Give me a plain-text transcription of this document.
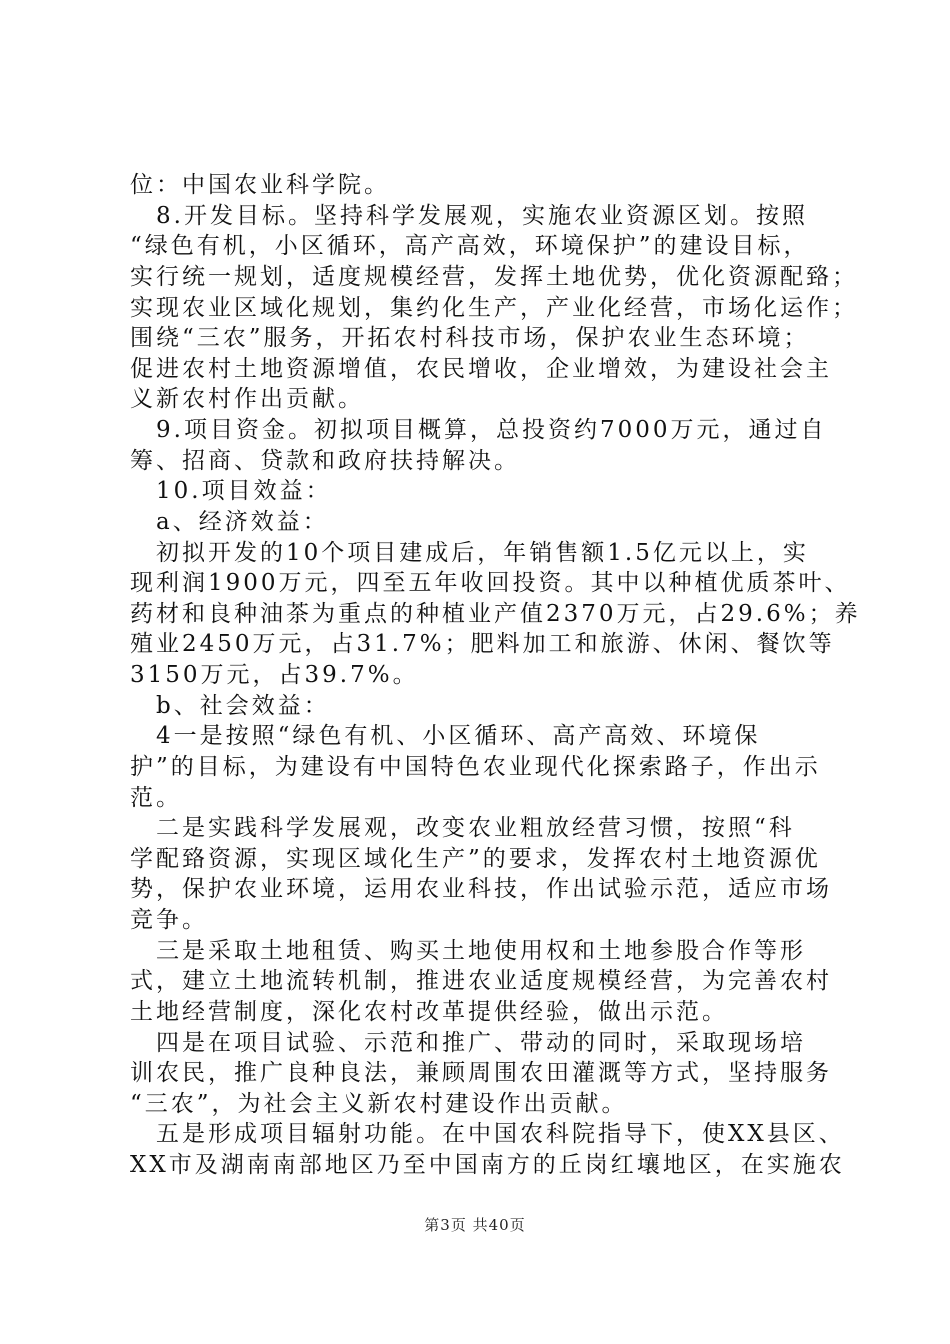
位：中国农业科学院。
　8.开发目标。坚持科学发展观，实施农业资源区划。按照
“绿色有机，小区循环，高产高效，环境保护”的建设目标，
实行统一规划，适度规模经营，发挥土地优势，优化资源配臵；
实现农业区域化规划，集约化生产，产业化经营，市场化运作；
围绕“三农”服务，开拓农村科技市场，保护农业生态环境；
促进农村土地资源增值，农民增收，企业增效，为建设社会主
义新农村作出贡献。
　9.项目资金。初拟项目概算，总投资约7000万元，通过自
筹、招商、贷款和政府扶持解决。
　10.项目效益：
　a、经济效益：
　初拟开发的10个项目建成后，年销售额1.5亿元以上，实
现利润1900万元，四至五年收回投资。其中以种植优质茶叶、
药材和良种油茶为重点的种植业产值2370万元，占29.6%；养
殖业2450万元，占31.7%；肥料加工和旅游、休闲、餐饮等
3150万元，占39.7%。
　b、社会效益：
　4一是按照“绿色有机、小区循环、高产高效、环境保
护”的目标，为建设有中国特色农业现代化探索路子，作出示
范。
　二是实践科学发展观，改变农业粗放经营习惯，按照“科
学配臵资源，实现区域化生产”的要求，发挥农村土地资源优
势，保护农业环境，运用农业科技，作出试验示范，适应市场
竞争。
　三是采取土地租赁、购买土地使用权和土地参股合作等形
式，建立土地流转机制，推进农业适度规模经营，为完善农村
土地经营制度，深化农村改革提供经验，做出示范。
　四是在项目试验、示范和推广、带动的同时，采取现场培
训农民，推广良种良法，兼顾周围农田灌溉等方式，坚持服务
“三农”，为社会主义新农村建设作出贡献。
　五是形成项目辐射功能。在中国农科院指导下，使XX县区、
XX市及湖南南部地区乃至中国南方的丘岗红壤地区，在实施农
第3页 共40页
